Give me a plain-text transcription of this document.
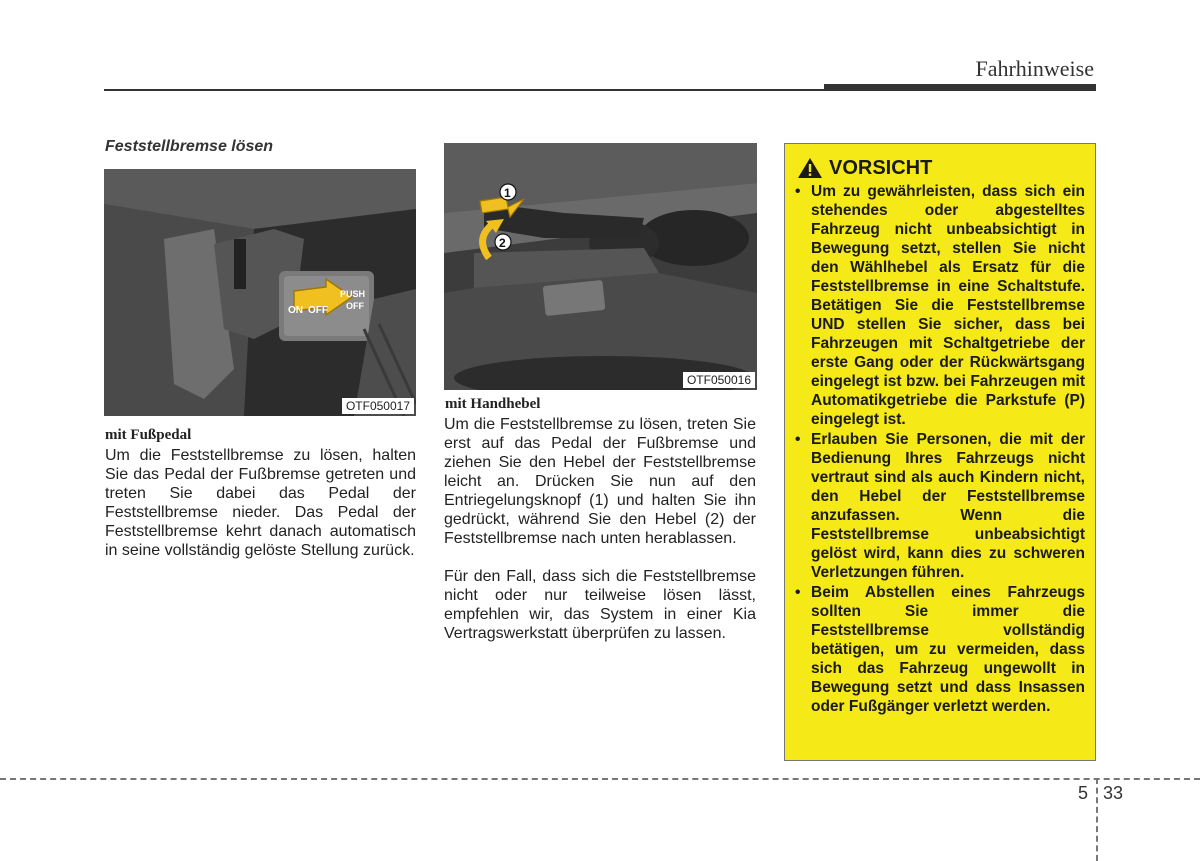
Fahrhinweise
Feststellbremse lösen
ON OFF
PUSH
OFF
OTF050017
mit Fußpedal

Um die Feststellbremse zu lösen, halten Sie das Pedal der Fußbremse getreten und treten Sie dabei das Pedal der Feststellbremse nieder. Das Pedal der Feststellbremse kehrt danach automatisch in seine vollständig gelöste Stellung zurück.

1
2
OTF050016
mit Handhebel

Um die Feststellbremse zu lösen, treten Sie erst auf das Pedal der Fußbremse und ziehen Sie den Hebel der Feststellbremse leicht an. Drücken Sie nun auf den Entriegelungsknopf (1) und halten Sie ihn gedrückt, während Sie den Hebel (2) der Feststellbremse nach unten herablassen.

Für den Fall, dass sich die Feststellbremse nicht oder nur teilweise lösen lässt, empfehlen wir, das System in einer Kia Vertragswerkstatt überprüfen zu lassen.

VORSICHT
• Um zu gewährleisten, dass sich ein stehendes oder abgestelltes Fahrzeug nicht unbeabsichtigt in Bewegung setzt, stellen Sie nicht den Wählhebel als Ersatz für die Feststellbremse in eine Schaltstufe. Betätigen Sie die Feststellbremse UND stellen Sie sicher, dass bei Fahrzeugen mit Schaltgetriebe der erste Gang oder der Rückwärtsgang eingelegt ist bzw. bei Fahrzeugen mit Automatikgetriebe die Parkstufe (P) eingelegt ist.
• Erlauben Sie Personen, die mit der Bedienung Ihres Fahrzeugs nicht vertraut sind als auch Kindern nicht, den Hebel der Feststellbremse anzufassen. Wenn die Feststellbremse unbeabsichtigt gelöst wird, kann dies zu schweren Verletzungen führen.
• Beim Abstellen eines Fahrzeugs sollten Sie immer die Feststellbremse vollständig betätigen, um zu vermeiden, dass sich das Fahrzeug ungewollt in Bewegung setzt und dass Insassen oder Fußgänger verletzt werden.
5 33
